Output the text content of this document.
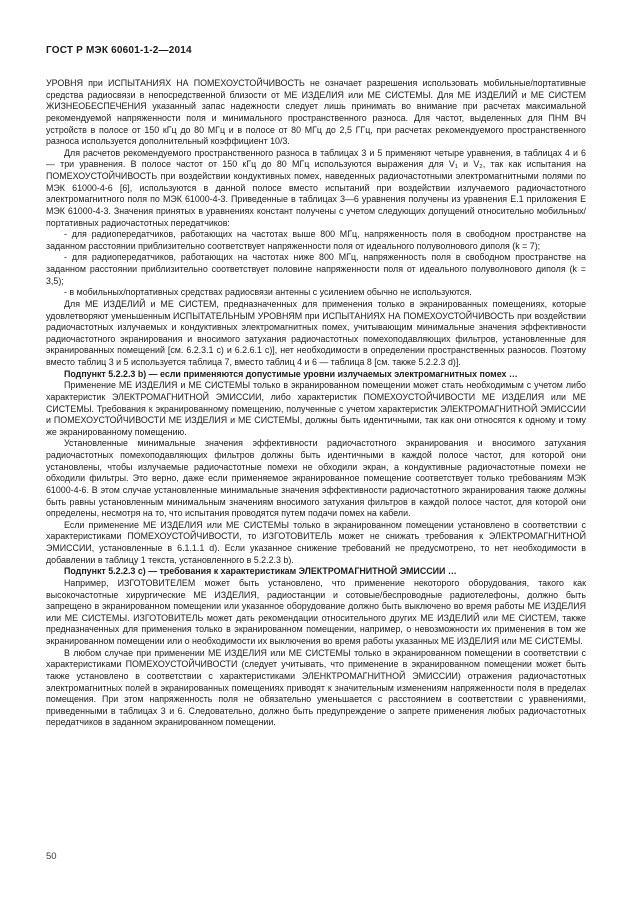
ГОСТ Р МЭК 60601-1-2—2014

УРОВНЯ при ИСПЫТАНИЯХ НА ПОМЕХОУСТОЙЧИВОСТЬ не означает разрешения использовать мобильные/портативные средства радиосвязи в непосредственной близости от МЕ ИЗДЕЛИЯ или МЕ СИСТЕМЫ. Для МЕ ИЗДЕЛИЙ и МЕ СИСТЕМ ЖИЗНЕОБЕСПЕЧЕНИЯ указанный запас надежности следует лишь принимать во внимание при расчетах максимальной рекомендуемой напряженности поля и минимального пространственного разноса. Для частот, выделенных для ПНМ ВЧ устройств в полосе от 150 кГц до 80 МГц и в полосе от 80 МГц до 2,5 ГГц, при расчетах рекомендуемого пространственного разноса используется дополнительный коэффициент 10/3.

Для расчетов рекомендуемого пространственного разноса в таблицах 3 и 5 применяют четыре уравнения, в таблицах 4 и 6 — три уравнения. В полосе частот от 150 кГц до 80 МГц используются выражения для V₁ и V₂, так как испытания на ПОМЕХОУСТОЙЧИВОСТЬ при воздействии кондуктивных помех, наведенных радиочастотными электромагнитными полями по МЭК 61000-4-6 [6], используются в данной полосе вместо испытаний при воздействии излучаемого радиочастотного электромагнитного поля по МЭК 61000-4-3. Приведенные в таблицах 3—6 уравнения получены из уравнения Е.1 приложения Е МЭК 61000-4-3. Значения принятых в уравнениях констант получены с учетом следующих допущений относительно мобильных/портативных радиочастотных передатчиков:

- для радиопередатчиков, работающих на частотах выше 800 МГц, напряженность поля в свободном пространстве на заданном расстоянии приблизительно соответствует напряженности поля от идеального полуволнового диполя (k = 7);

- для радиопередатчиков, работающих на частотах ниже 800 МГц, напряженность поля в свободном пространстве на заданном расстоянии приблизительно соответствует половине напряженности поля от идеального полуволнового диполя (k = 3,5);

- в мобильных/портативных средствах радиосвязи антенны с усилением обычно не используются.

Для МЕ ИЗДЕЛИЙ и МЕ СИСТЕМ, предназначенных для применения только в экранированных помещениях, которые удовлетворяют уменьшенным ИСПЫТАТЕЛЬНЫМ УРОВНЯМ при ИСПЫТАНИЯХ НА ПОМЕХОУСТОЙЧИВОСТЬ при воздействии радиочастотных излучаемых и кондуктивных электромагнитных помех, учитывающим минимальные значения эффективности радиочастотного экранирования и вносимого затухания радиочастотных помехоподавляющих фильтров, установленные для экранированных помещений [см. 6.2.3.1 c) и 6.2.6.1 c)], нет необходимости в определении пространственных разносов. Поэтому вместо таблиц 3 и 5 используется таблица 7, вместо таблиц 4 и 6 — таблица 8 [см. также 5.2.2.3 d)].

Подпункт 5.2.2.3 b) — если применяются допустимые уровни излучаемых электромагнитных помех …

Применение МЕ ИЗДЕЛИЯ и МЕ СИСТЕМЫ только в экранированном помещении может стать необходимым с учетом либо характеристик ЭЛЕКТРОМАГНИТНОЙ ЭМИССИИ, либо характеристик ПОМЕХОУСТОЙЧИВОСТИ МЕ ИЗДЕЛИЯ или МЕ СИСТЕМЫ. Требования к экранированному помещению, полученные с учетом характеристик ЭЛЕКТРОМАГНИТНОЙ ЭМИССИИ и ПОМЕХОУСТОЙЧИВОСТИ МЕ ИЗДЕЛИЯ и МЕ СИСТЕМЫ, должны быть идентичными, так как они относятся к одному и тому же экранированному помещению.

Установленные минимальные значения эффективности радиочастотного экранирования и вносимого затухания радиочастотных помехоподавляющих фильтров должны быть идентичными в каждой полосе частот, для которой они установлены, чтобы излучаемые радиочастотные помехи не обходили экран, а кондуктивные радиочастотные помехи не обходили фильтры. Это верно, даже если применяемое экранированное помещение соответствует только требованиям МЭК 61000-4-6. В этом случае установленные минимальные значения эффективности радиочастотного экранирования также должны быть равны установленным минимальным значениям вносимого затухания фильтров в каждой полосе частот, для которой они определены, несмотря на то, что испытания проводятся путем подачи помех на кабели.

Если применение МЕ ИЗДЕЛИЯ или МЕ СИСТЕМЫ только в экранированном помещении установлено в соответствии с характеристиками ПОМЕХОУСТОЙЧИВОСТИ, то ИЗГОТОВИТЕЛЬ может не снижать требования к ЭЛЕКТРОМАГНИТНОЙ ЭМИССИИ, установленные в 6.1.1.1 d). Если указанное снижение требований не предусмотрено, то нет необходимости в добавлении в таблицу 1 текста, установленного в 5.2.2.3 b).

Подпункт 5.2.2.3 c) — требования к характеристикам ЭЛЕКТРОМАГНИТНОЙ ЭМИССИИ …

Например, ИЗГОТОВИТЕЛЕМ может быть установлено, что применение некоторого оборудования, такого как высокочастотные хирургические МЕ ИЗДЕЛИЯ, радиостанции и сотовые/беспроводные радиотелефоны, должно быть запрещено в экранированном помещении или указанное оборудование должно быть выключено во время работы МЕ ИЗДЕЛИЯ или МЕ СИСТЕМЫ. ИЗГОТОВИТЕЛЬ может дать рекомендации относительного других МЕ ИЗДЕЛИЙ или МЕ СИСТЕМ, также предназначенных для применения только в экранированном помещении, например, о невозможности их применения в том же экранированном помещении или о необходимости их выключения во время работы указанных МЕ ИЗДЕЛИЯ или МЕ СИСТЕМЫ.

В любом случае при применении МЕ ИЗДЕЛИЯ или МЕ СИСТЕМЫ только в экранированном помещении в соответствии с характеристиками ПОМЕХОУСТОЙЧИВОСТИ (следует учитывать, что применение в экранированном помещении может быть также установлено в соответствии с характеристиками ЭЛЕНКТРОМАГНИТНОЙ ЭМИССИИ) отражения радиочастотных электромагнитных полей в экранированных помещениях приводят к значительным изменениям напряженности поля в пределах помещения. При этом напряженность поля не обязательно уменьшается с расстоянием в соответствии с уравнениями, приведенными в таблицах 3 и 6. Следовательно, должно быть предупреждение о запрете применения любых радиочастотных передатчиков в заданном экранированном помещении.

50
